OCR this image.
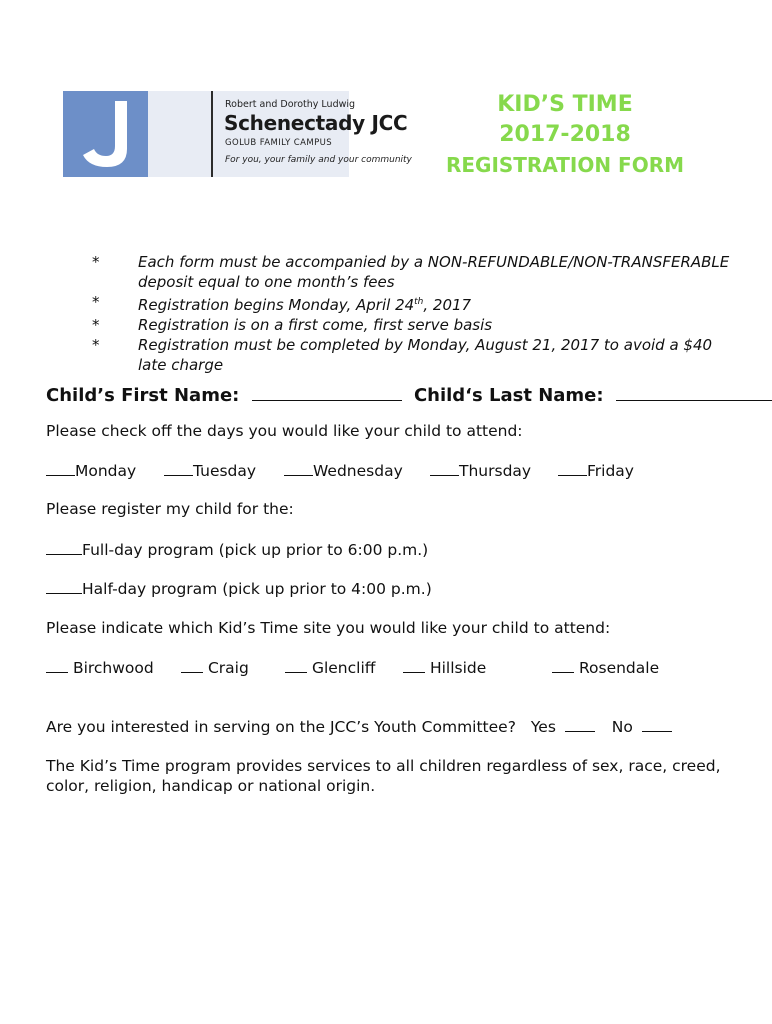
Robert and Dorothy Ludwig
Schenectady JCC
GOLUB FAMILY CAMPUS
For you, your family and your community
KID’S TIME
2017-2018
REGISTRATION FORM
*	Each form must be accompanied by a NON-REFUNDABLE/NON-TRANSFERABLE deposit equal to one month’s fees
*	Registration begins Monday, April 24th, 2017
*	Registration is on a first come, first serve basis
*	Registration must be completed by Monday, August 21, 2017 to avoid a $40 late charge
Child’s First Name:	Child‘s Last Name:
Please check off the days you would like your child to attend:
Monday	Tuesday	Wednesday	Thursday	Friday
Please register my child for the:
Full-day program (pick up prior to 6:00 p.m.)
Half-day program (pick up prior to 4:00 p.m.)
Please indicate which Kid’s Time site you would like your child to attend:
Birchwood	Craig	Glencliff	Hillside	Rosendale
Are you interested in serving on the JCC’s Youth Committee? Yes	No
The Kid’s Time program provides services to all children regardless of sex, race, creed,
color, religion, handicap or national origin.
